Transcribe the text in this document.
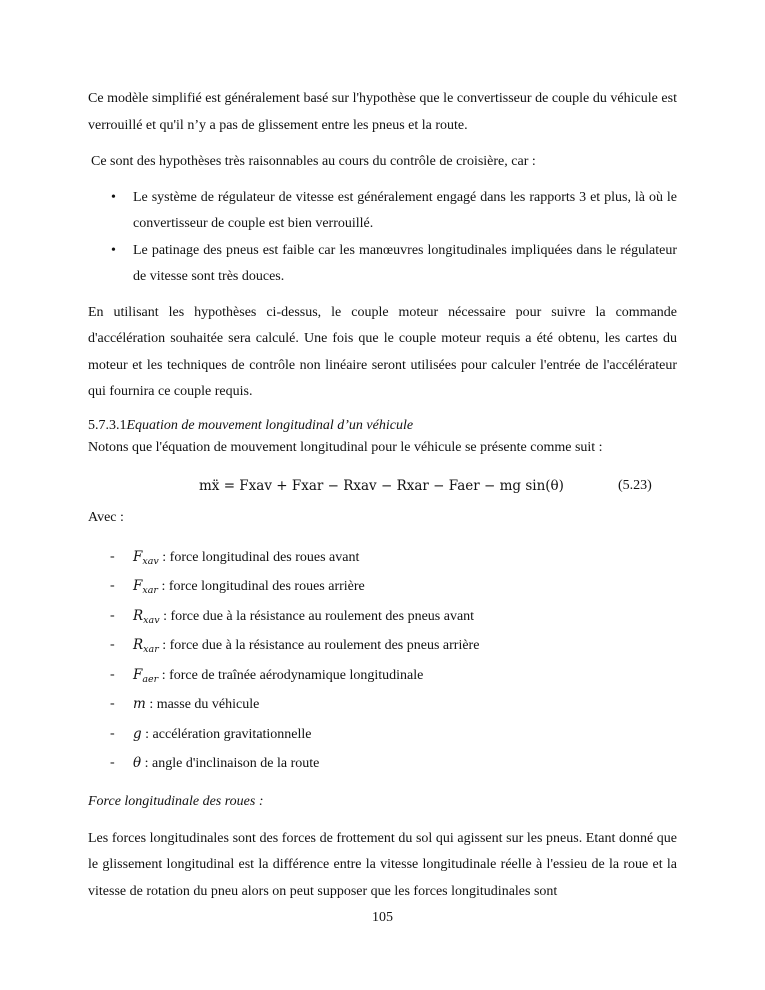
Ce modèle simplifié est généralement basé sur l'hypothèse que le convertisseur de couple du véhicule est verrouillé et qu'il n’y a pas de glissement entre les pneus et la route.

Ce sont des hypothèses très raisonnables au cours du contrôle de croisière, car :

• Le système de régulateur de vitesse est généralement engagé dans les rapports 3 et plus, là où le convertisseur de couple est bien verrouillé.
• Le patinage des pneus est faible car les manœuvres longitudinales impliquées dans le régulateur de vitesse sont très douces.

En utilisant les hypothèses ci-dessus, le couple moteur nécessaire pour suivre la commande d'accélération souhaitée sera calculé. Une fois que le couple moteur requis a été obtenu, les cartes du moteur et les techniques de contrôle non linéaire seront utilisées pour calculer l'entrée de l'accélérateur qui fournira ce couple requis.

5.7.3.1Equation de mouvement longitudinal d’un véhicule

Notons que l'équation de mouvement longitudinal pour le véhicule se présente comme suit :

mẍ = Fxav + Fxar − Rxav − Rxar − Faer − mg sin(θ)	(5.23)

Avec :

- $F_{xav}$ : force longitudinal des roues avant
- $F_{xar}$ : force longitudinal des roues arrière
- $R_{xav}$ : force due à la résistance au roulement des pneus avant
- $R_{xar}$ : force due à la résistance au roulement des pneus arrière
- $F_{aer}$ : force de traînée aérodynamique longitudinale
- m : masse du véhicule
- g : accélération gravitationnelle
- θ : angle d'inclinaison de la route

Force longitudinale des roues :

Les forces longitudinales sont des forces de frottement du sol qui agissent sur les pneus. Etant donné que le glissement longitudinal est la différence entre la vitesse longitudinale réelle à l'essieu de la roue et la vitesse de rotation du pneu alors on peut supposer que les forces longitudinales sont

105
